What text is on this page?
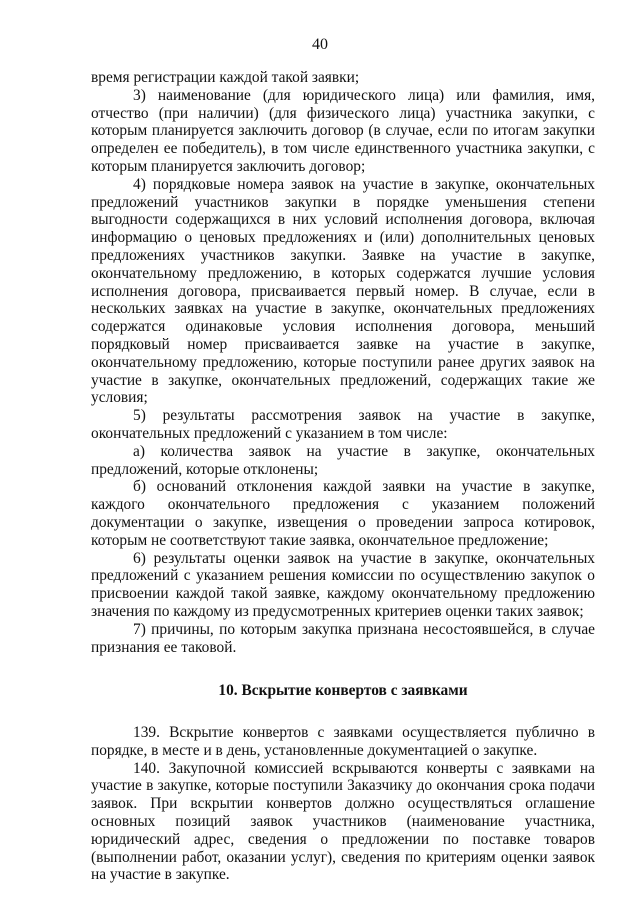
40

время регистрации каждой такой заявки;

3) наименование (для юридического лица) или фамилия, имя, отчество (при наличии) (для физического лица) участника закупки, с которым планируется заключить договор (в случае, если по итогам закупки определен ее победитель), в том числе единственного участника закупки, с которым планируется заключить договор;

4) порядковые номера заявок на участие в закупке, окончательных предложений участников закупки в порядке уменьшения степени выгодности содержащихся в них условий исполнения договора, включая информацию о ценовых предложениях и (или) дополнительных ценовых предложениях участников закупки. Заявке на участие в закупке, окончательному предложению, в которых содержатся лучшие условия исполнения договора, присваивается первый номер. В случае, если в нескольких заявках на участие в закупке, окончательных предложениях содержатся одинаковые условия исполнения договора, меньший порядковый номер присваивается заявке на участие в закупке, окончательному предложению, которые поступили ранее других заявок на участие в закупке, окончательных предложений, содержащих такие же условия;

5) результаты рассмотрения заявок на участие в закупке, окончательных предложений с указанием в том числе:

а) количества заявок на участие в закупке, окончательных предложений, которые отклонены;

б) оснований отклонения каждой заявки на участие в закупке, каждого окончательного предложения с указанием положений документации о закупке, извещения о проведении запроса котировок, которым не соответствуют такие заявка, окончательное предложение;

6) результаты оценки заявок на участие в закупке, окончательных предложений с указанием решения комиссии по осуществлению закупок о присвоении каждой такой заявке, каждому окончательному предложению значения по каждому из предусмотренных критериев оценки таких заявок;

7) причины, по которым закупка признана несостоявшейся, в случае признания ее таковой.

10. Вскрытие конвертов с заявками

139. Вскрытие конвертов с заявками осуществляется публично в порядке, в месте и в день, установленные документацией о закупке.

140. Закупочной комиссией вскрываются конверты с заявками на участие в закупке, которые поступили Заказчику до окончания срока подачи заявок. При вскрытии конвертов должно осуществляться оглашение основных позиций заявок участников (наименование участника, юридический адрес, сведения о предложении по поставке товаров (выполнении работ, оказании услуг), сведения по критериям оценки заявок на участие в закупке.
